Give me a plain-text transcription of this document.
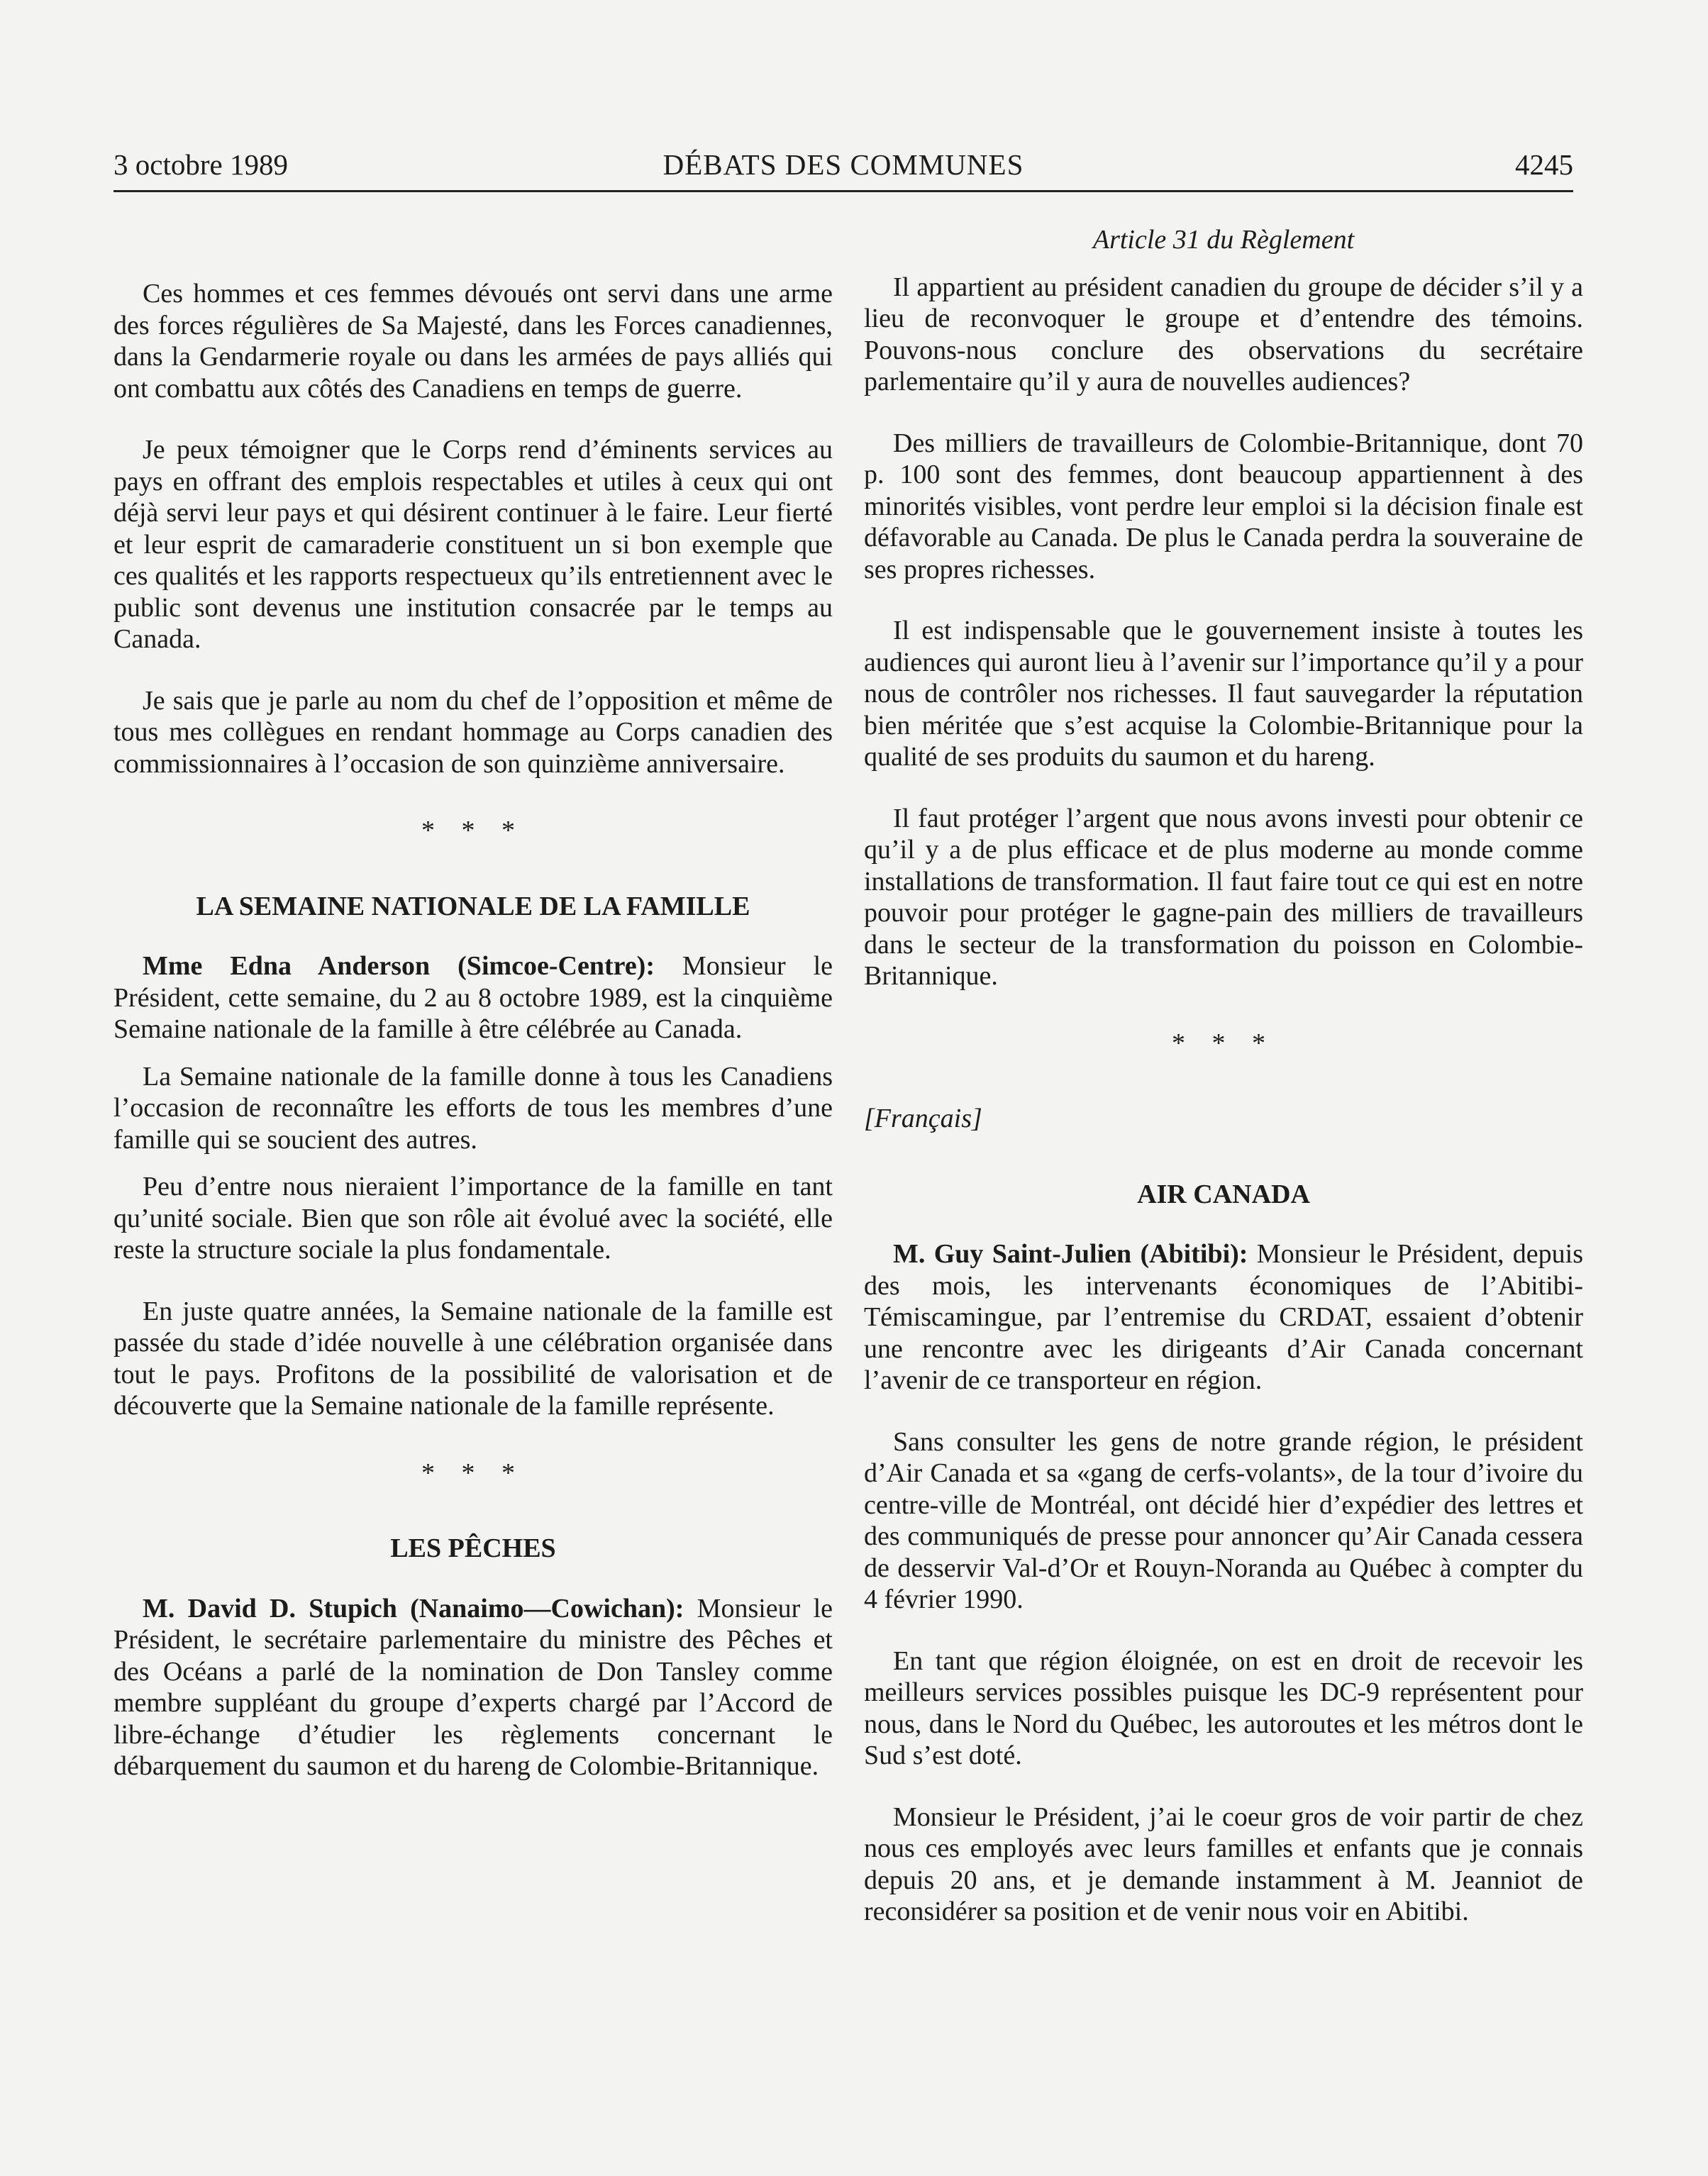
3 octobre 1989	DÉBATS DES COMMUNES	4245

Ces hommes et ces femmes dévoués ont servi dans une arme des forces régulières de Sa Majesté, dans les Forces canadiennes, dans la Gendarmerie royale ou dans les armées de pays alliés qui ont combattu aux côtés des Canadiens en temps de guerre.

Je peux témoigner que le Corps rend d’éminents services au pays en offrant des emplois respectables et utiles à ceux qui ont déjà servi leur pays et qui désirent continuer à le faire. Leur fierté et leur esprit de camaraderie constituent un si bon exemple que ces qualités et les rapports respectueux qu’ils entretiennent avec le public sont devenus une institution consacrée par le temps au Canada.

Je sais que je parle au nom du chef de l’opposition et même de tous mes collègues en rendant hommage au Corps canadien des commissionnaires à l’occasion de son quinzième anniversaire.

* * *
LA SEMAINE NATIONALE DE LA FAMILLE

Mme Edna Anderson (Simcoe-Centre): Monsieur le Président, cette semaine, du 2 au 8 octobre 1989, est la cinquième Semaine nationale de la famille à être célébrée au Canada.

La Semaine nationale de la famille donne à tous les Canadiens l’occasion de reconnaître les efforts de tous les membres d’une famille qui se soucient des autres.

Peu d’entre nous nieraient l’importance de la famille en tant qu’unité sociale. Bien que son rôle ait évolué avec la société, elle reste la structure sociale la plus fondamentale.

En juste quatre années, la Semaine nationale de la famille est passée du stade d’idée nouvelle à une célébration organisée dans tout le pays. Profitons de la possibilité de valorisation et de découverte que la Semaine nationale de la famille représente.

* * *
LES PÊCHES

M. David D. Stupich (Nanaimo—Cowichan): Monsieur le Président, le secrétaire parlementaire du ministre des Pêches et des Océans a parlé de la nomination de Don Tansley comme membre suppléant du groupe d’experts chargé par l’Accord de libre-échange d’étudier les règlements concernant le débarquement du saumon et du hareng de Colombie-Britannique.

Article 31 du Règlement

Il appartient au président canadien du groupe de décider s’il y a lieu de reconvoquer le groupe et d’entendre des témoins. Pouvons-nous conclure des observations du secrétaire parlementaire qu’il y aura de nouvelles audiences?

Des milliers de travailleurs de Colombie-Britannique, dont 70 p. 100 sont des femmes, dont beaucoup appartiennent à des minorités visibles, vont perdre leur emploi si la décision finale est défavorable au Canada. De plus le Canada perdra la souveraine de ses propres richesses.

Il est indispensable que le gouvernement insiste à toutes les audiences qui auront lieu à l’avenir sur l’importance qu’il y a pour nous de contrôler nos richesses. Il faut sauvegarder la réputation bien méritée que s’est acquise la Colombie-Britannique pour la qualité de ses produits du saumon et du hareng.

Il faut protéger l’argent que nous avons investi pour obtenir ce qu’il y a de plus efficace et de plus moderne au monde comme installations de transformation. Il faut faire tout ce qui est en notre pouvoir pour protéger le gagne-pain des milliers de travailleurs dans le secteur de la transformation du poisson en Colombie-Britannique.

* * *

[Français]

AIR CANADA

M. Guy Saint-Julien (Abitibi): Monsieur le Président, depuis des mois, les intervenants économiques de l’Abitibi-Témiscamingue, par l’entremise du CRDAT, essaient d’obtenir une rencontre avec les dirigeants d’Air Canada concernant l’avenir de ce transporteur en région.

Sans consulter les gens de notre grande région, le président d’Air Canada et sa «gang de cerfs-volants», de la tour d’ivoire du centre-ville de Montréal, ont décidé hier d’expédier des lettres et des communiqués de presse pour annoncer qu’Air Canada cessera de desservir Val-d’Or et Rouyn-Noranda au Québec à compter du 4 février 1990.

En tant que région éloignée, on est en droit de recevoir les meilleurs services possibles puisque les DC-9 représentent pour nous, dans le Nord du Québec, les autoroutes et les métros dont le Sud s’est doté.

Monsieur le Président, j’ai le coeur gros de voir partir de chez nous ces employés avec leurs familles et enfants que je connais depuis 20 ans, et je demande instamment à M. Jeanniot de reconsidérer sa position et de venir nous voir en Abitibi.
